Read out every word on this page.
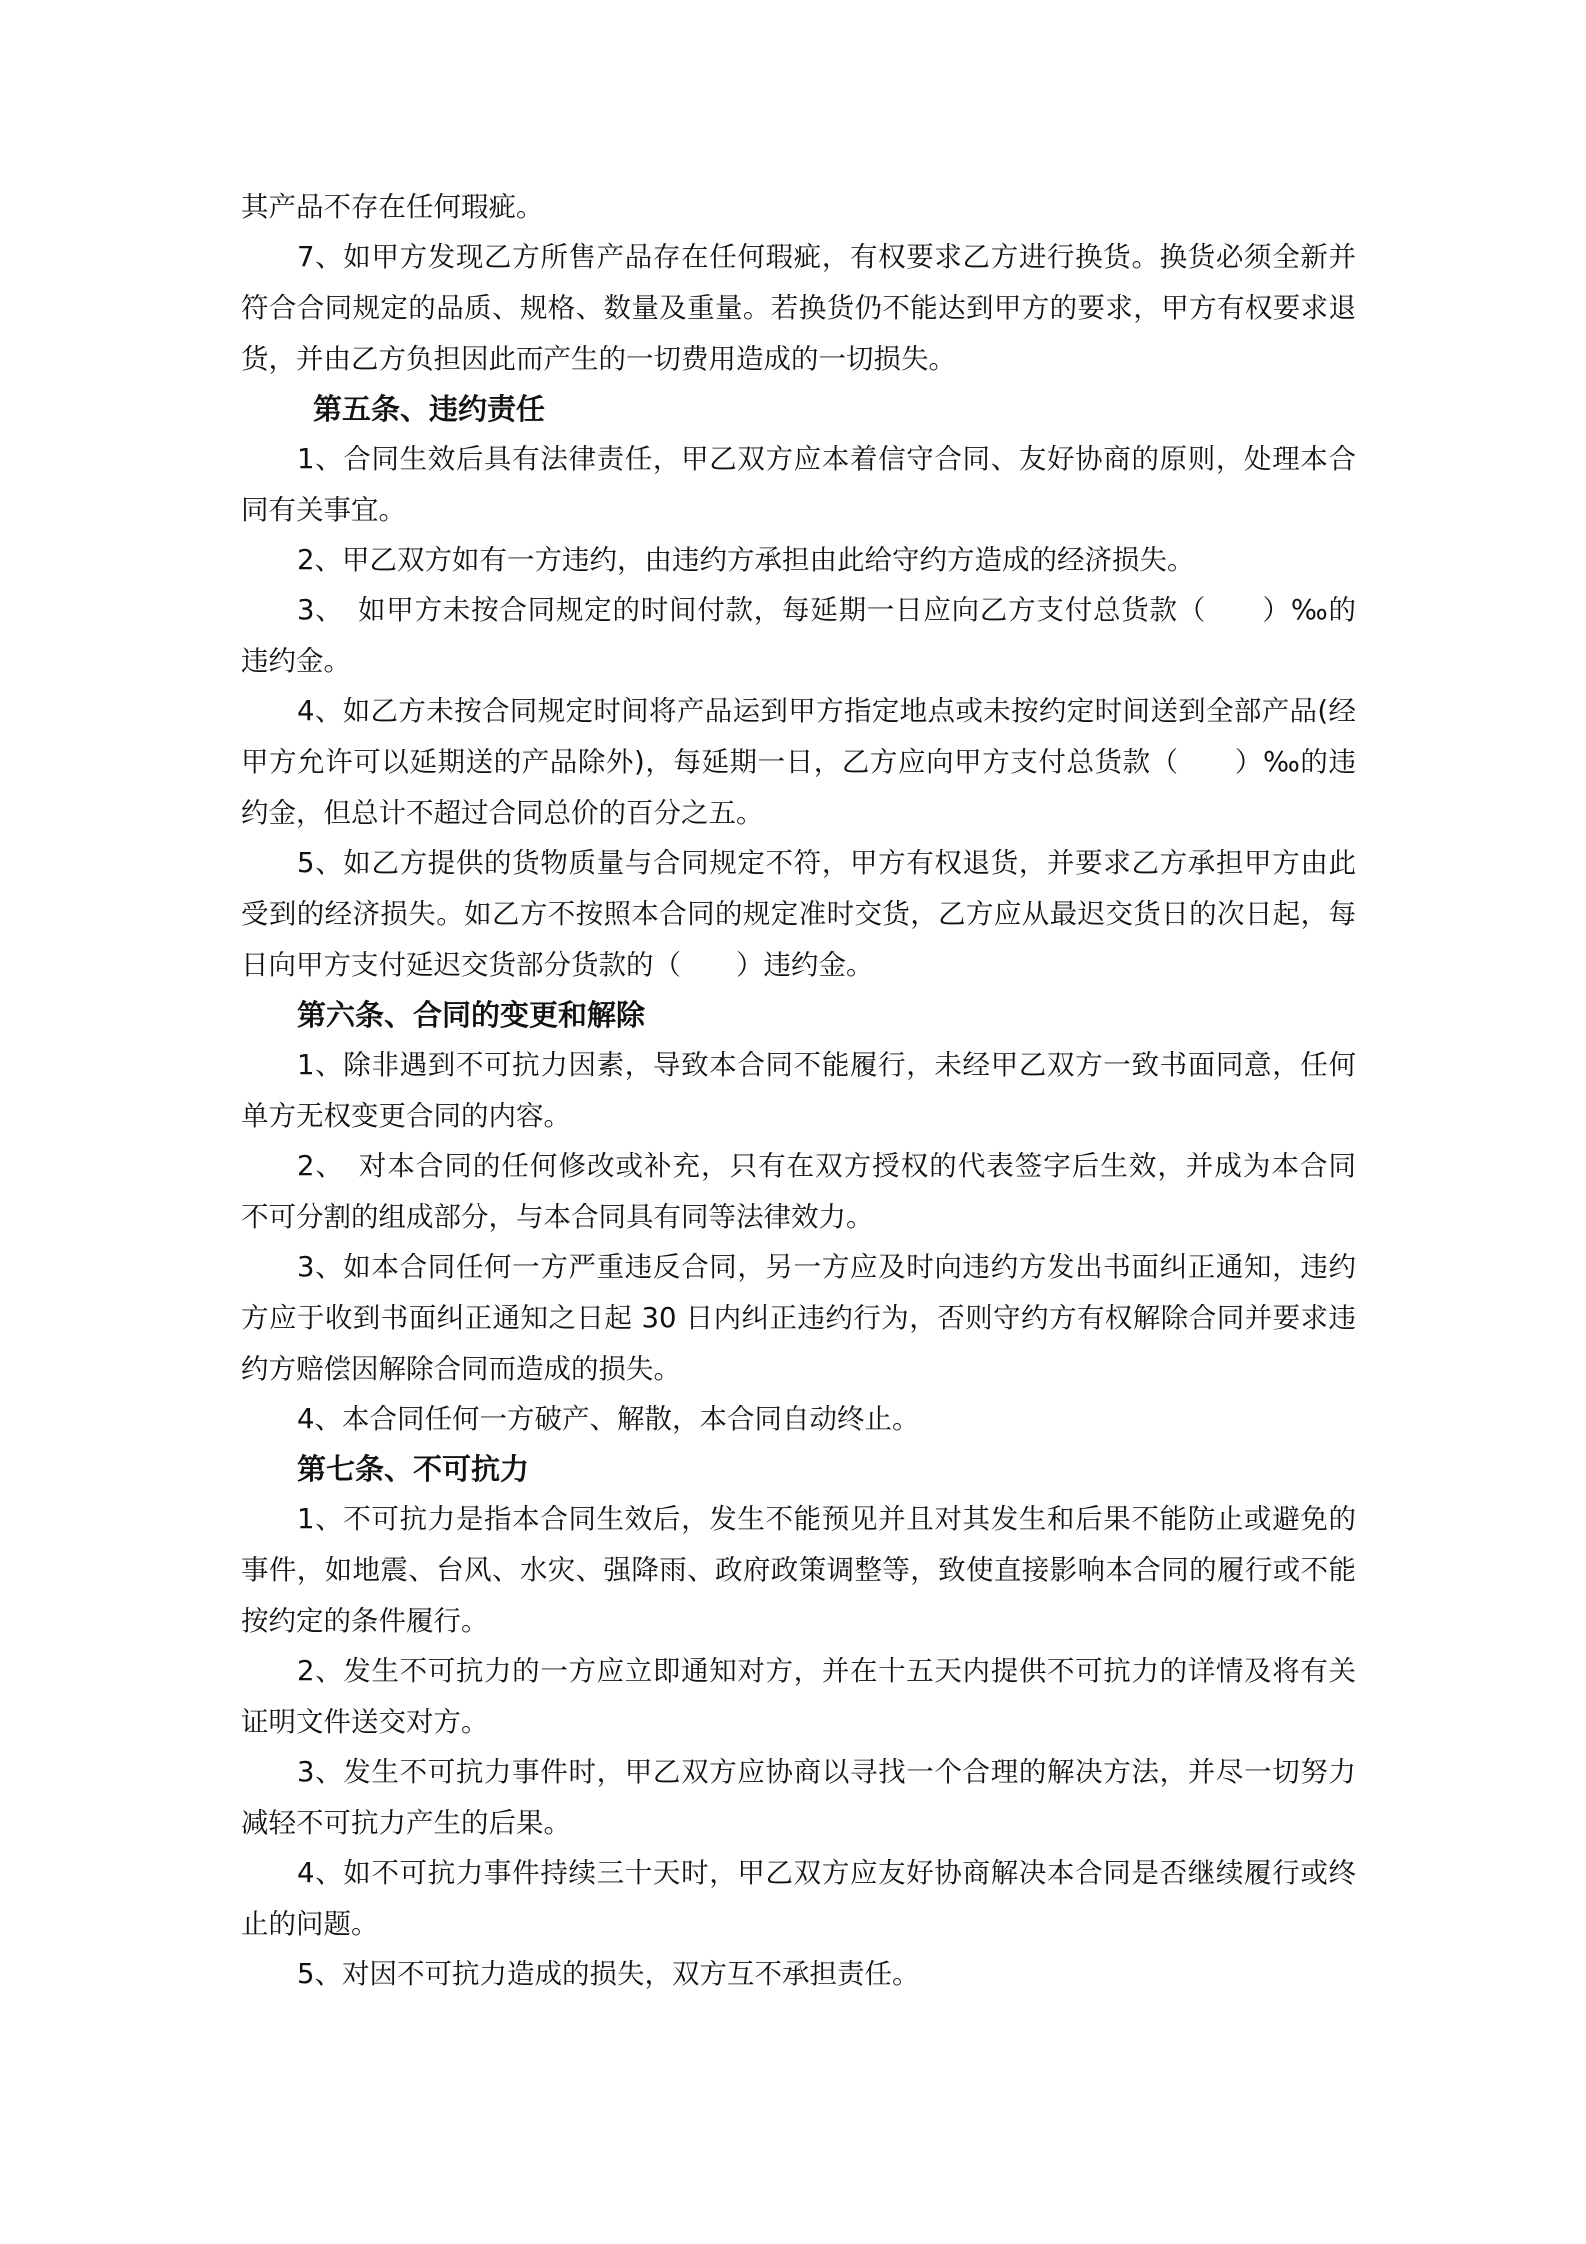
其产品不存在任何瑕疵。

7、如甲方发现乙方所售产品存在任何瑕疵，有权要求乙方进行换货。换货必须全新并

符合合同规定的品质、规格、数量及重量。若换货仍不能达到甲方的要求，甲方有权要求退

货，并由乙方负担因此而产生的一切费用造成的一切损失。

第五条、违约责任

1、合同生效后具有法律责任，甲乙双方应本着信守合同、友好协商的原则，处理本合

同有关事宜。

2、甲乙双方如有一方违约，由违约方承担由此给守约方造成的经济损失。

3、　如甲方未按合同规定的时间付款，每延期一日应向乙方支付总货款（　　）‰的

违约金。

4、如乙方未按合同规定时间将产品运到甲方指定地点或未按约定时间送到全部产品(经

甲方允许可以延期送的产品除外)，每延期一日，乙方应向甲方支付总货款（　　）‰的违

约金，但总计不超过合同总价的百分之五。

5、如乙方提供的货物质量与合同规定不符，甲方有权退货，并要求乙方承担甲方由此

受到的经济损失。如乙方不按照本合同的规定准时交货，乙方应从最迟交货日的次日起，每

日向甲方支付延迟交货部分货款的（　　）违约金。

第六条、合同的变更和解除

1、除非遇到不可抗力因素，导致本合同不能履行，未经甲乙双方一致书面同意，任何

单方无权变更合同的内容。

2、　对本合同的任何修改或补充，只有在双方授权的代表签字后生效，并成为本合同

不可分割的组成部分，与本合同具有同等法律效力。

3、如本合同任何一方严重违反合同，另一方应及时向违约方发出书面纠正通知，违约

方应于收到书面纠正通知之日起 30 日内纠正违约行为，否则守约方有权解除合同并要求违

约方赔偿因解除合同而造成的损失。

4、本合同任何一方破产、解散，本合同自动终止。

第七条、不可抗力

1、不可抗力是指本合同生效后，发生不能预见并且对其发生和后果不能防止或避免的

事件，如地震、台风、水灾、强降雨、政府政策调整等，致使直接影响本合同的履行或不能

按约定的条件履行。

2、发生不可抗力的一方应立即通知对方，并在十五天内提供不可抗力的详情及将有关

证明文件送交对方。

3、发生不可抗力事件时，甲乙双方应协商以寻找一个合理的解决方法，并尽一切努力

减轻不可抗力产生的后果。

4、如不可抗力事件持续三十天时，甲乙双方应友好协商解决本合同是否继续履行或终

止的问题。

5、对因不可抗力造成的损失，双方互不承担责任。
